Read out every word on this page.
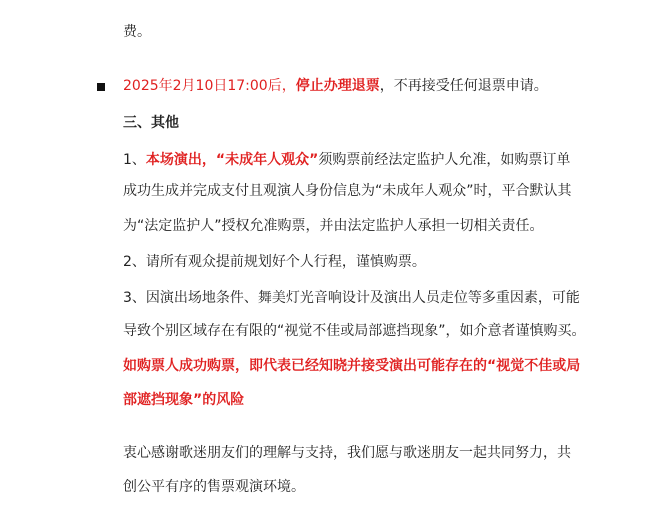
费。
2025年2月10日17:00后，停止办理退票，不再接受任何退票申请。
三、其他
1、本场演出，“未成年人观众”须购票前经法定监护人允准，如购票订单
成功生成并完成支付且观演人身份信息为“未成年人观众”时，平合默认其
为“法定监护人”授权允准购票，并由法定监护人承担一切相关责任。
2、请所有观众提前规划好个人行程，谨慎购票。
3、因演出场地条件、舞美灯光音响设计及演出人员走位等多重因素，可能
导致个别区域存在有限的“视觉不佳或局部遮挡现象”，如介意者谨慎购买。
如购票人成功购票，即代表已经知晓并接受演出可能存在的“视觉不佳或局
部遮挡现象”的风险
衷心感谢歌迷朋友们的理解与支持，我们愿与歌迷朋友一起共同努力，共
创公平有序的售票观演环境。
